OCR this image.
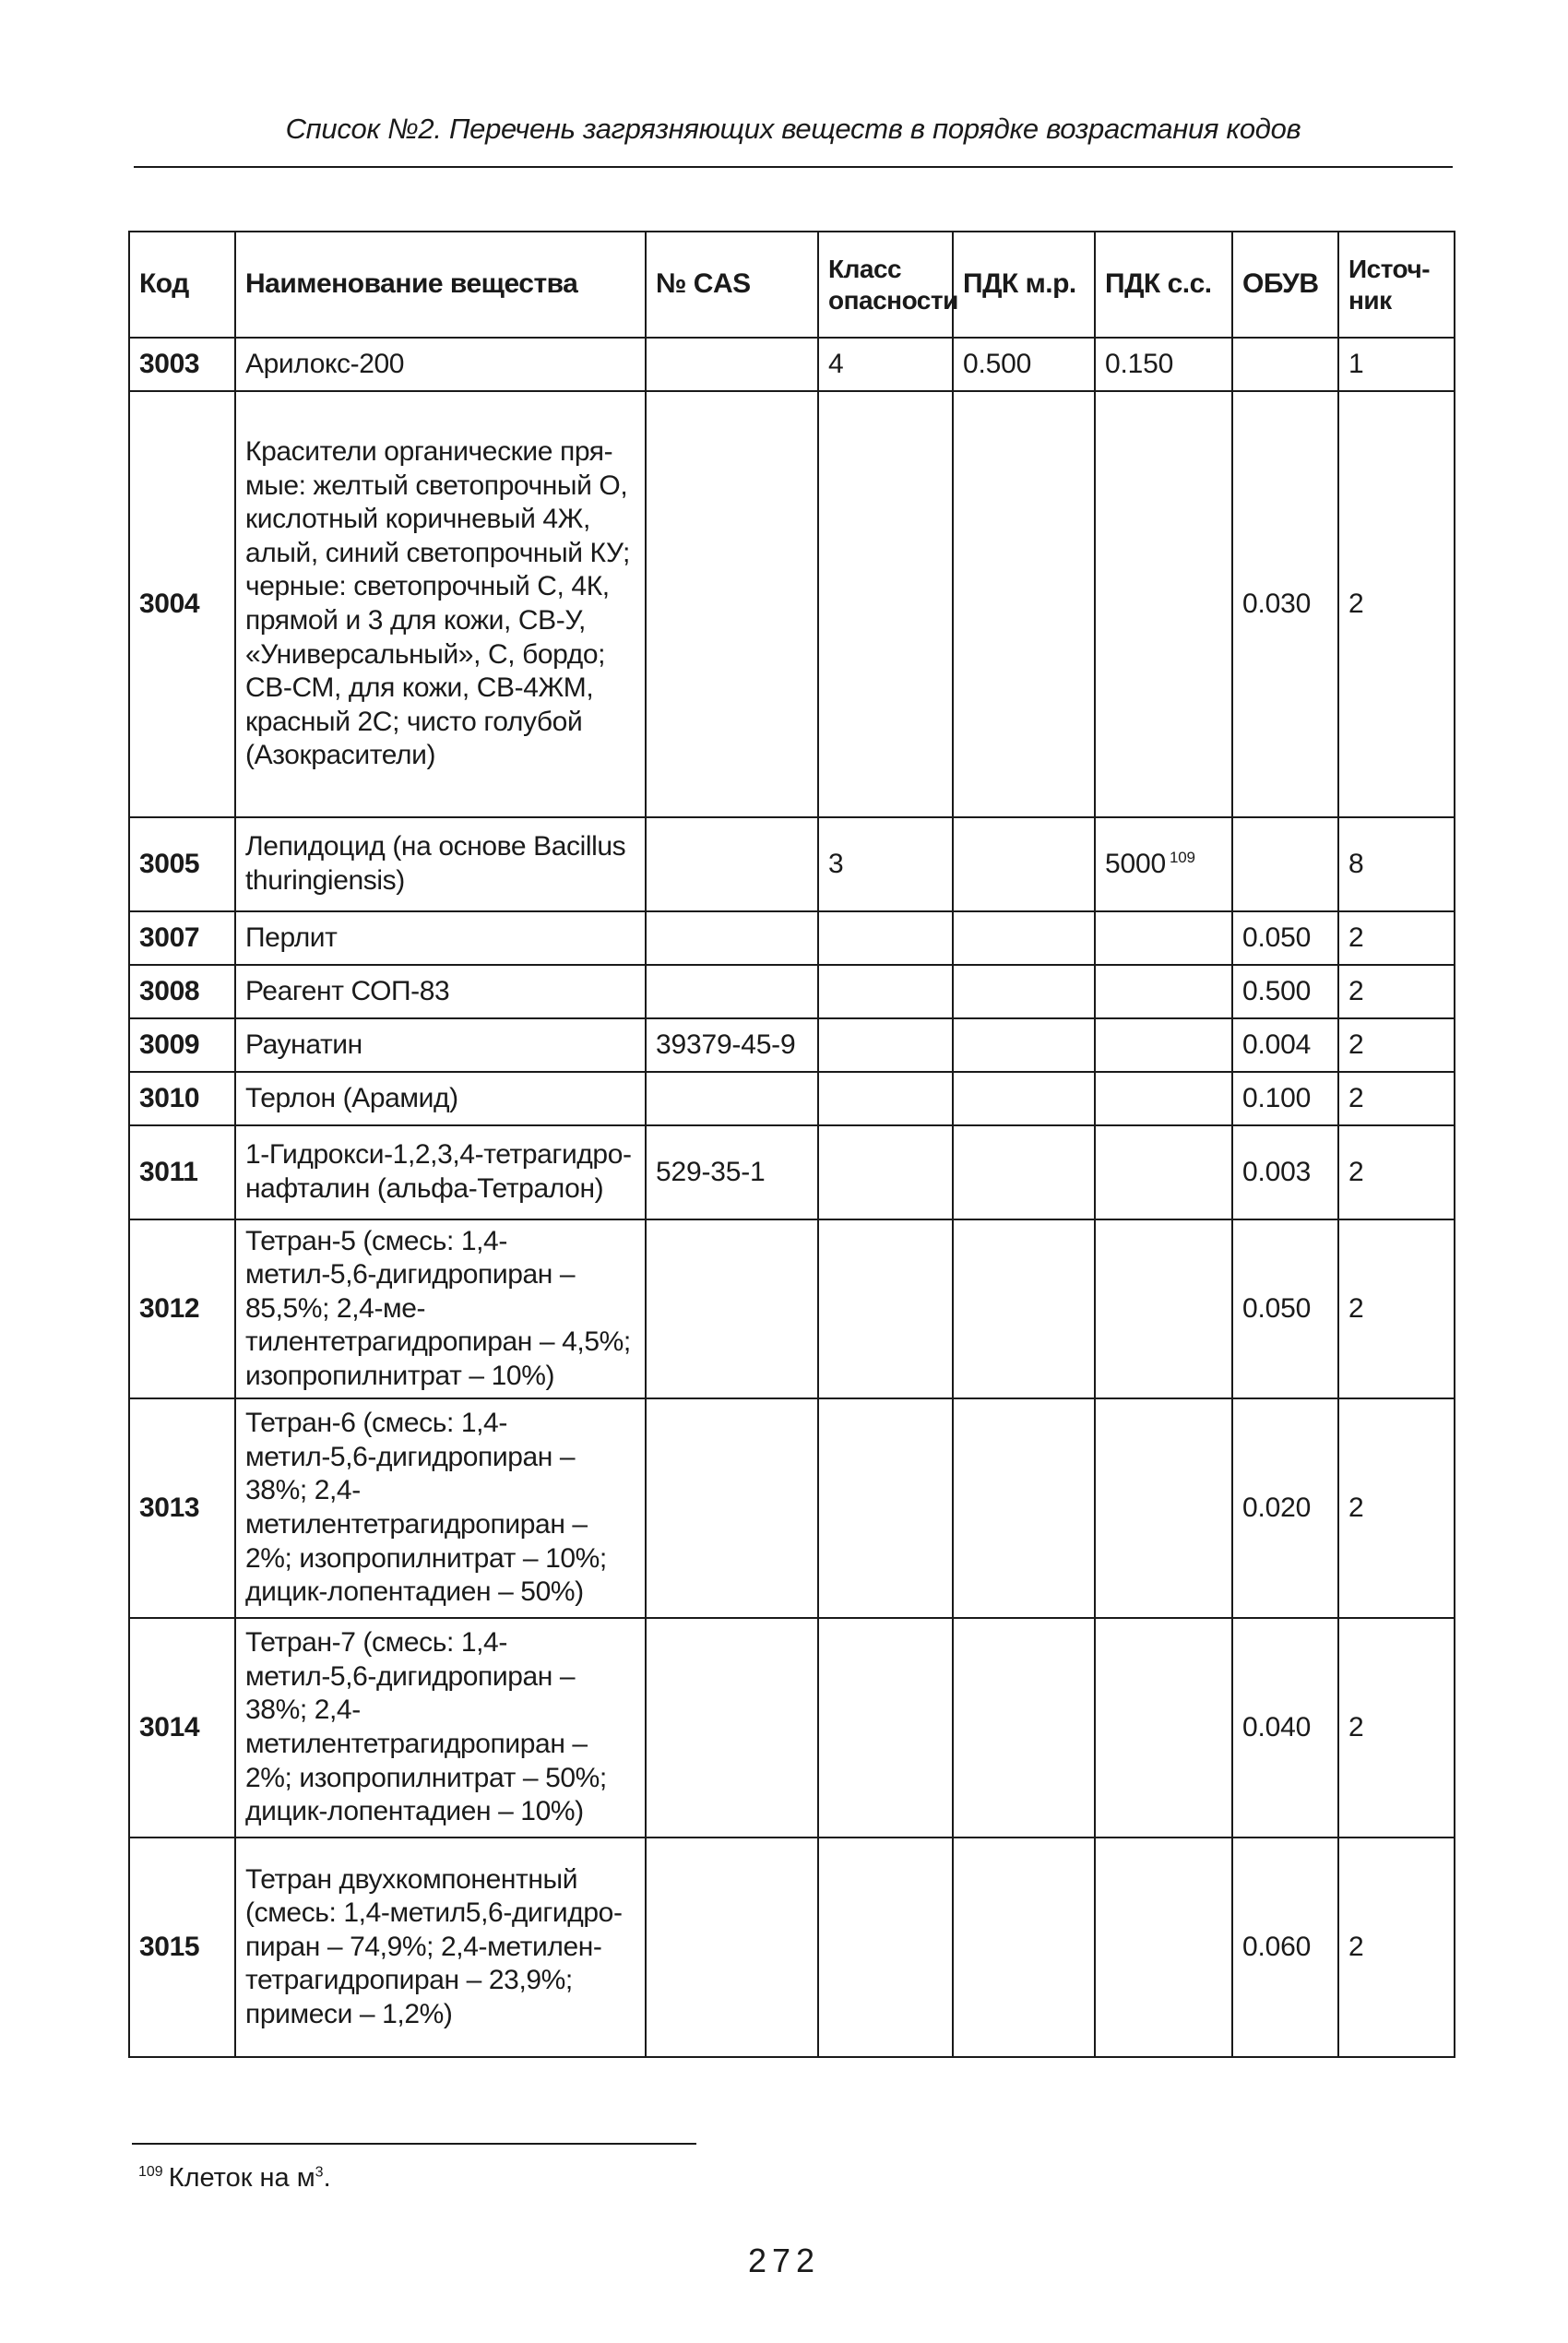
Список №2. Перечень загрязняющих веществ в порядке возрастания кодов
Код	Наименование вещества	№ CAS	Класс опасности	ПДК м.р.	ПДК с.с.	ОБУВ	Источ- ник
3003	Арилокс-200		4	0.500	0.150		1
3004	Красители органические пря-мые: желтый светопрочный О, кислотный коричневый 4Ж, алый, синий светопрочный КУ; черные: светопрочный С, 4К, прямой и 3 для кожи, СВ-У, «Универсальный», С, бордо; СВ-СМ, для кожи, СВ-4ЖМ, красный 2С; чисто голубой (Азокрасители)					0.030	2
3005	Лепидоцид (на основе Bacillus thuringiensis)		3		5000 $^{109}$		8
3007	Перлит					0.050	2
3008	Реагент СОП-83					0.500	2
3009	Раунатин	39379-45-9				0.004	2
3010	Терлон (Арамид)					0.100	2
3011	1-Гидрокси-1,2,3,4-тетрагидро-нафталин (альфа-Тетралон)	529-35-1				0.003	2
3012	Тетран-5 (смесь: 1,4-метил-5,6-дигидропиран – 85,5%; 2,4-ме-тилентетрагидропиран – 4,5%; изопропилнитрат – 10%)					0.050	2
3013	Тетран-6 (смесь: 1,4-метил-5,6-дигидропиран – 38%; 2,4-метилентетрагидропиран – 2%; изопропилнитрат – 10%; дицик-лопентадиен – 50%)					0.020	2
3014	Тетран-7 (смесь: 1,4-метил-5,6-дигидропиран – 38%; 2,4-метилентетрагидропиран – 2%; изопропилнитрат – 50%; дицик-лопентадиен – 10%)					0.040	2
3015	Тетран двухкомпонентный (смесь: 1,4-метил5,6-дигидро-пиран – 74,9%; 2,4-метилен-тетрагидропиран – 23,9%; примеси – 1,2%)					0.060	2
$^{109}$ Клеток на $м^3$.
272
